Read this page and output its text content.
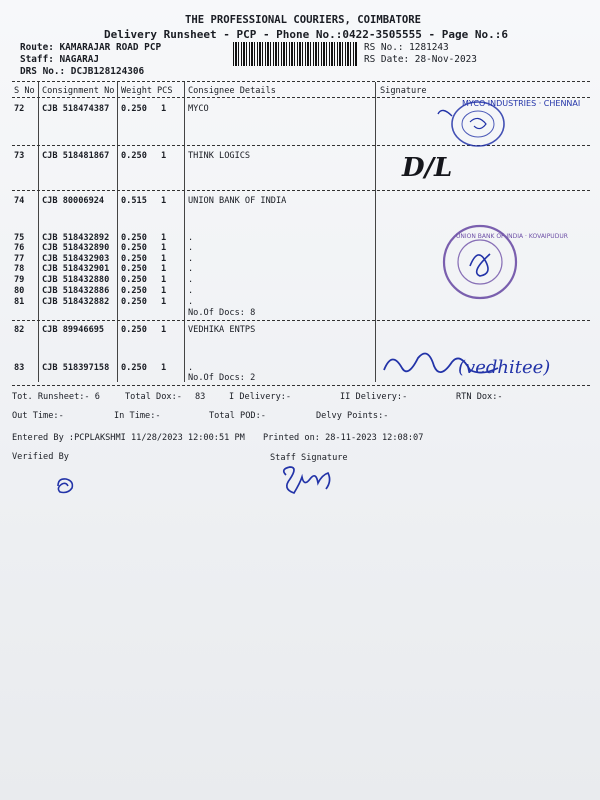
THE PROFESSIONAL COURIERS, COIMBATORE
Delivery Runsheet - PCP - Phone No.:0422-3505555 - Page No.:6
Route: KAMARAJAR ROAD PCP
Staff: NAGARAJ
DRS No.: DCJB128124306
RS No.: 1281243
RS Date: 28-Nov-2023
S No Consignment No Weight PCS Consignee Details	Signature
72 CJB 518474387 0.250 1	MYCO
73 CJB 518481867 0.250 1	THINK LOGICS
74 CJB 80006924 0.515 1	UNION BANK OF INDIA
75 CJB 518432892 0.250 1	.
76 CJB 518432890 0.250 1	.
77 CJB 518432903 0.250 1	.
78 CJB 518432901 0.250 1	.
79 CJB 518432880 0.250 1	.
80 CJB 518432886 0.250 1	.
81 CJB 518432882 0.250 1	.
No.Of Docs: 8
82 CJB 89946695 0.250 1	VEDHIKA ENTPS
83 CJB 518397158 0.250 1	.
No.Of Docs: 2
MYCO INDUSTRIES · CHENNAI
D/L
UNION BANK OF INDIA · KOVAIPUDUR
(vedhitee)
Tot. Runsheet:- 6	Total Dox:- 83	I Delivery:-	II Delivery:-	RTN Dox:-
Out Time:-	In Time:-	Total POD:-	Delvy Points:-
Entered By :PCPLAKSHMI 11/28/2023 12:00:51 PM Printed on: 28-11-2023 12:08:07
Verified By	Staff Signature
